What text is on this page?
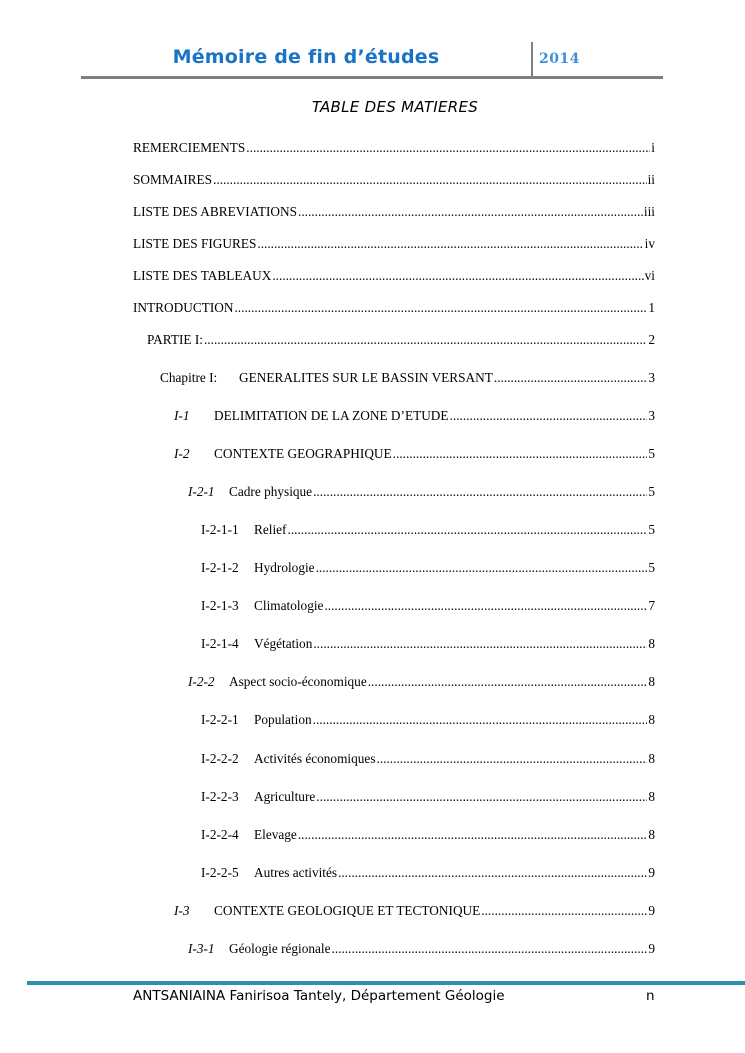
Mémoire de fin d’études	2014
TABLE DES MATIERES
REMERCIEMENTS .....	i
SOMMAIRES .....	ii
LISTE DES ABREVIATIONS .....	iii
LISTE DES FIGURES .....	iv
LISTE DES TABLEAUX .....	vi
INTRODUCTION .....	1
PARTIE I: .....	2
Chapitre I:	GENERALITES SUR LE BASSIN VERSANT .....	3
I-1	DELIMITATION DE LA ZONE D’ETUDE .....	3
I-2	CONTEXTE GEOGRAPHIQUE .....	5
I-2-1	Cadre physique .....	5
I-2-1-1	Relief .....	5
I-2-1-2	Hydrologie .....	5
I-2-1-3	Climatologie .....	7
I-2-1-4	Végétation .....	8
I-2-2	Aspect socio-économique .....	8
I-2-2-1	Population .....	8
I-2-2-2	Activités économiques .....	8
I-2-2-3	Agriculture .....	8
I-2-2-4	Elevage .....	8
I-2-2-5	Autres activités .....	9
I-3	CONTEXTE GEOLOGIQUE ET TECTONIQUE .....	9
I-3-1	Géologie régionale .....	9
ANTSANIAINA Fanirisoa Tantely, Département Géologie	n
